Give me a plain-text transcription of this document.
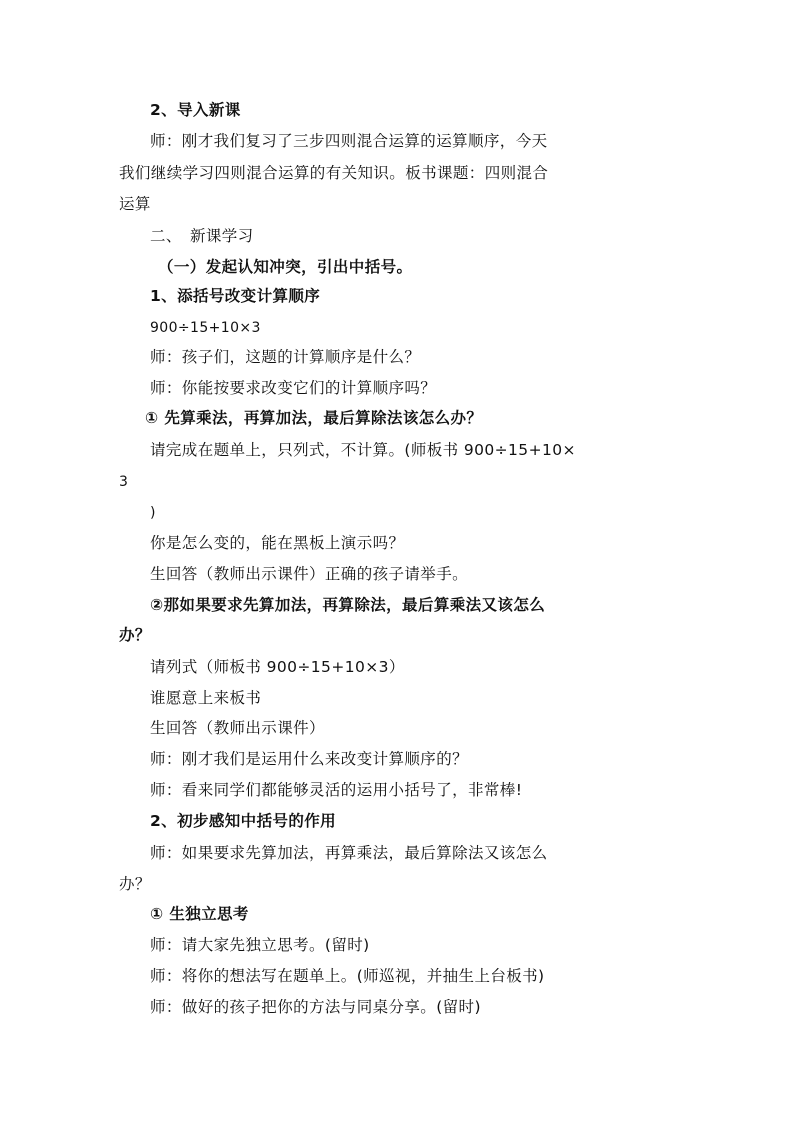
2、导入新课
师：刚才我们复习了三步四则混合运算的运算顺序，今天
我们继续学习四则混合运算的有关知识。板书课题：四则混合
运算
二、　新课学习
（一）发起认知冲突，引出中括号。
1、添括号改变计算顺序
900÷15+10×3
师：孩子们，这题的计算顺序是什么？
师：你能按要求改变它们的计算顺序吗？
① 先算乘法，再算加法，最后算除法该怎么办？
请完成在题单上，只列式，不计算。(师板书 900÷15+10×
3
)
你是怎么变的，能在黑板上演示吗？
生回答（教师出示课件）正确的孩子请举手。
②那如果要求先算加法，再算除法，最后算乘法又该怎么
办？
请列式（师板书 900÷15+10×3）
谁愿意上来板书
生回答（教师出示课件）
师：刚才我们是运用什么来改变计算顺序的？
师：看来同学们都能够灵活的运用小括号了，非常棒!
2、初步感知中括号的作用
师：如果要求先算加法，再算乘法，最后算除法又该怎么
办？
① 生独立思考
师：请大家先独立思考。(留时)
师：将你的想法写在题单上。(师巡视，并抽生上台板书)
师：做好的孩子把你的方法与同桌分享。(留时)
